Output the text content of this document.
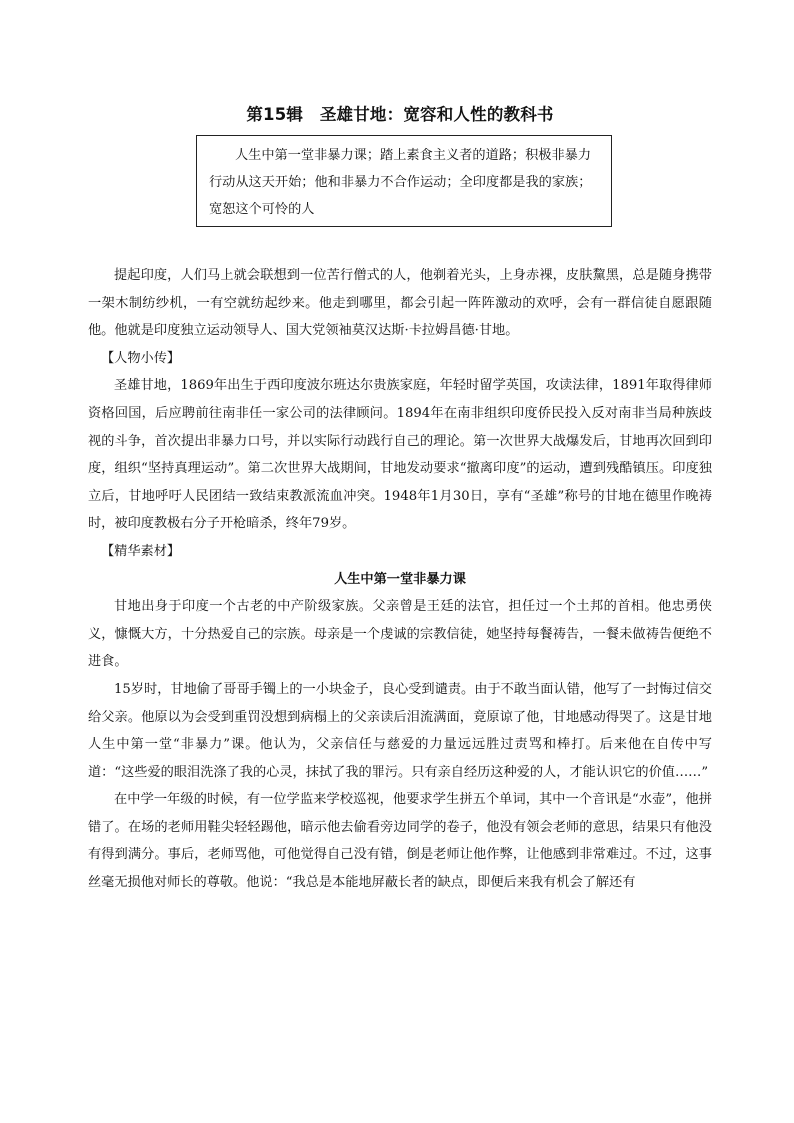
第15辑　圣雄甘地：宽容和人性的教科书
人生中第一堂非暴力课；踏上素食主义者的道路；积极非暴力行动从这天开始；他和非暴力不合作运动；全印度都是我的家族；宽恕这个可怜的人

提起印度，人们马上就会联想到一位苦行僧式的人，他剃着光头，上身赤裸，皮肤黧黑，总是随身携带一架木制纺纱机，一有空就纺起纱来。他走到哪里，都会引起一阵阵激动的欢呼，会有一群信徒自愿跟随他。他就是印度独立运动领导人、国大党领袖莫汉达斯·卡拉姆昌德·甘地。

【人物小传】

圣雄甘地，1869年出生于西印度波尔班达尔贵族家庭，年轻时留学英国，攻读法律，1891年取得律师资格回国，后应聘前往南非任一家公司的法律顾问。1894年在南非组织印度侨民投入反对南非当局种族歧视的斗争，首次提出非暴力口号，并以实际行动践行自己的理论。第一次世界大战爆发后，甘地再次回到印度，组织“坚持真理运动”。第二次世界大战期间，甘地发动要求“撤离印度”的运动，遭到残酷镇压。印度独立后，甘地呼吁人民团结一致结束教派流血冲突。1948年1月30日，享有“圣雄”称号的甘地在德里作晚祷时，被印度教极右分子开枪暗杀，终年79岁。

【精华素材】

人生中第一堂非暴力课

甘地出身于印度一个古老的中产阶级家族。父亲曾是王廷的法官，担任过一个土邦的首相。他忠勇侠义，慷慨大方，十分热爱自己的宗族。母亲是一个虔诚的宗教信徒，她坚持每餐祷告，一餐未做祷告便绝不进食。

15岁时，甘地偷了哥哥手镯上的一小块金子，良心受到谴责。由于不敢当面认错，他写了一封悔过信交给父亲。他原以为会受到重罚没想到病榻上的父亲读后泪流满面，竟原谅了他，甘地感动得哭了。这是甘地人生中第一堂“非暴力”课。他认为，父亲信任与慈爱的力量远远胜过责骂和棒打。后来他在自传中写道：“这些爱的眼泪洗涤了我的心灵，抹拭了我的罪污。只有亲自经历这种爱的人，才能认识它的价值……”

在中学一年级的时候，有一位学监来学校巡视，他要求学生拼五个单词，其中一个音讯是“水壶”，他拼错了。在场的老师用鞋尖轻轻踢他，暗示他去偷看旁边同学的卷子，他没有领会老师的意思，结果只有他没有得到满分。事后，老师骂他，可他觉得自己没有错，倒是老师让他作弊，让他感到非常难过。不过，这事丝毫无损他对师长的尊敬。他说：“我总是本能地屏蔽长者的缺点，即便后来我有机会了解还有
